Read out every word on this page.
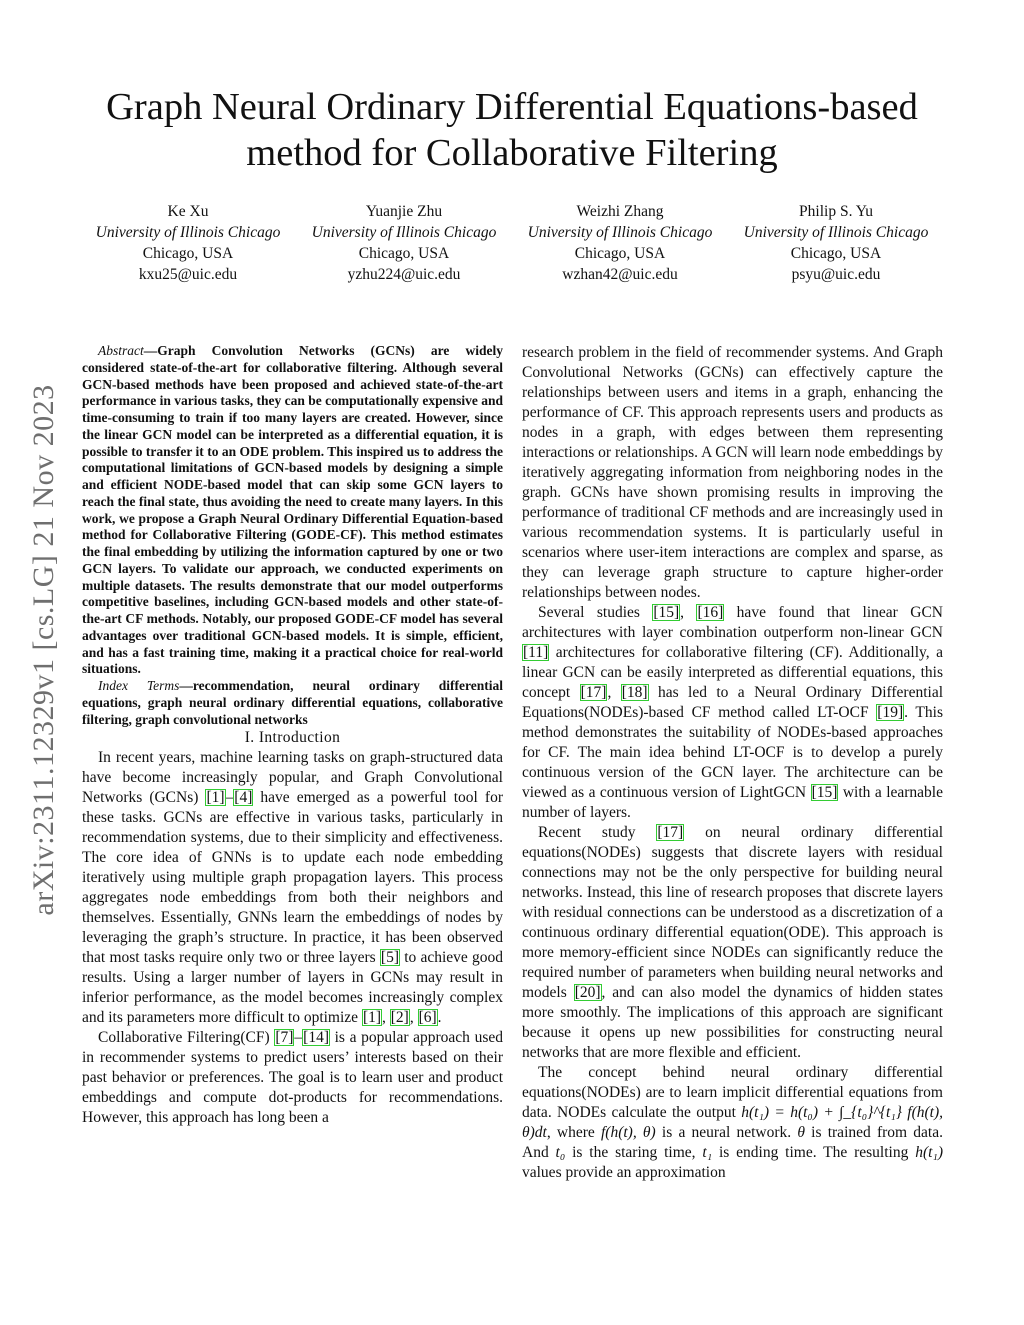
arXiv:2311.12329v1 [cs.LG] 21 Nov 2023
Graph Neural Ordinary Differential Equations-based
method for Collaborative Filtering
Ke Xu
University of Illinois Chicago
Chicago, USA
kxu25@uic.edu
Yuanjie Zhu
University of Illinois Chicago
Chicago, USA
yzhu224@uic.edu
Weizhi Zhang
University of Illinois Chicago
Chicago, USA
wzhan42@uic.edu
Philip S. Yu
University of Illinois Chicago
Chicago, USA
psyu@uic.edu

Abstract—Graph Convolution Networks (GCNs) are widely considered state-of-the-art for collaborative filtering. Although several GCN-based methods have been proposed and achieved state-of-the-art performance in various tasks, they can be computationally expensive and time-consuming to train if too many layers are created. However, since the linear GCN model can be interpreted as a differential equation, it is possible to transfer it to an ODE problem. This inspired us to address the computational limitations of GCN-based models by designing a simple and efficient NODE-based model that can skip some GCN layers to reach the final state, thus avoiding the need to create many layers. In this work, we propose a Graph Neural Ordinary Differential Equation-based method for Collaborative Filtering (GODE-CF). This method estimates the final embedding by utilizing the information captured by one or two GCN layers. To validate our approach, we conducted experiments on multiple datasets. The results demonstrate that our model outperforms competitive baselines, including GCN-based models and other state-of-the-art CF methods. Notably, our proposed GODE-CF model has several advantages over traditional GCN-based models. It is simple, efficient, and has a fast training time, making it a practical choice for real-world situations.

Index Terms—recommendation, neural ordinary differential equations, graph neural ordinary differential equations, collaborative filtering, graph convolutional networks

I. Introduction

In recent years, machine learning tasks on graph-structured data have become increasingly popular, and Graph Convolutional Networks (GCNs) [1]–[4] have emerged as a powerful tool for these tasks. GCNs are effective in various tasks, particularly in recommendation systems, due to their simplicity and effectiveness. The core idea of GNNs is to update each node embedding iteratively using multiple graph propagation layers. This process aggregates node embeddings from both their neighbors and themselves. Essentially, GNNs learn the embeddings of nodes by leveraging the graph’s structure. In practice, it has been observed that most tasks require only two or three layers [5] to achieve good results. Using a larger number of layers in GCNs may result in inferior performance, as the model becomes increasingly complex and its parameters more difficult to optimize [1], [2], [6].

Collaborative Filtering(CF) [7]–[14] is a popular approach used in recommender systems to predict users’ interests based on their past behavior or preferences. The goal is to learn user and product embeddings and compute dot-products for recommendations. However, this approach has long been a

research problem in the field of recommender systems. And Graph Convolutional Networks (GCNs) can effectively capture the relationships between users and items in a graph, enhancing the performance of CF. This approach represents users and products as nodes in a graph, with edges between them representing interactions or relationships. A GCN will learn node embeddings by iteratively aggregating information from neighboring nodes in the graph. GCNs have shown promising results in improving the performance of traditional CF methods and are increasingly used in various recommendation systems. It is particularly useful in scenarios where user-item interactions are complex and sparse, as they can leverage graph structure to capture higher-order relationships between nodes.

Several studies [15], [16] have found that linear GCN architectures with layer combination outperform non-linear GCN [11] architectures for collaborative filtering (CF). Additionally, a linear GCN can be easily interpreted as differential equations, this concept [17], [18] has led to a Neural Ordinary Differential Equations(NODEs)-based CF method called LT-OCF [19]. This method demonstrates the suitability of NODEs-based approaches for CF. The main idea behind LT-OCF is to develop a purely continuous version of the GCN layer. The architecture can be viewed as a continuous version of LightGCN [15] with a learnable number of layers.

Recent study [17] on neural ordinary differential equations(NODEs) suggests that discrete layers with residual connections may not be the only perspective for building neural networks. Instead, this line of research proposes that discrete layers with residual connections can be understood as a discretization of a continuous ordinary differential equation(ODE). This approach is more memory-efficient since NODEs can significantly reduce the required number of parameters when building neural networks and models [20], and can also model the dynamics of hidden states more smoothly. The implications of this approach are significant because it opens up new possibilities for constructing neural networks that are more flexible and efficient.

The concept behind neural ordinary differential equations(NODEs) are to learn implicit differential equations from data. NODEs calculate the output h(t₁) = h(t₀) + ∫_{t₀}^{t₁} f(h(t), θ)dt, where f(h(t), θ) is a neural network. θ is trained from data. And t₀ is the staring time, t₁ is ending time. The resulting h(t₁) values provide an approximation
